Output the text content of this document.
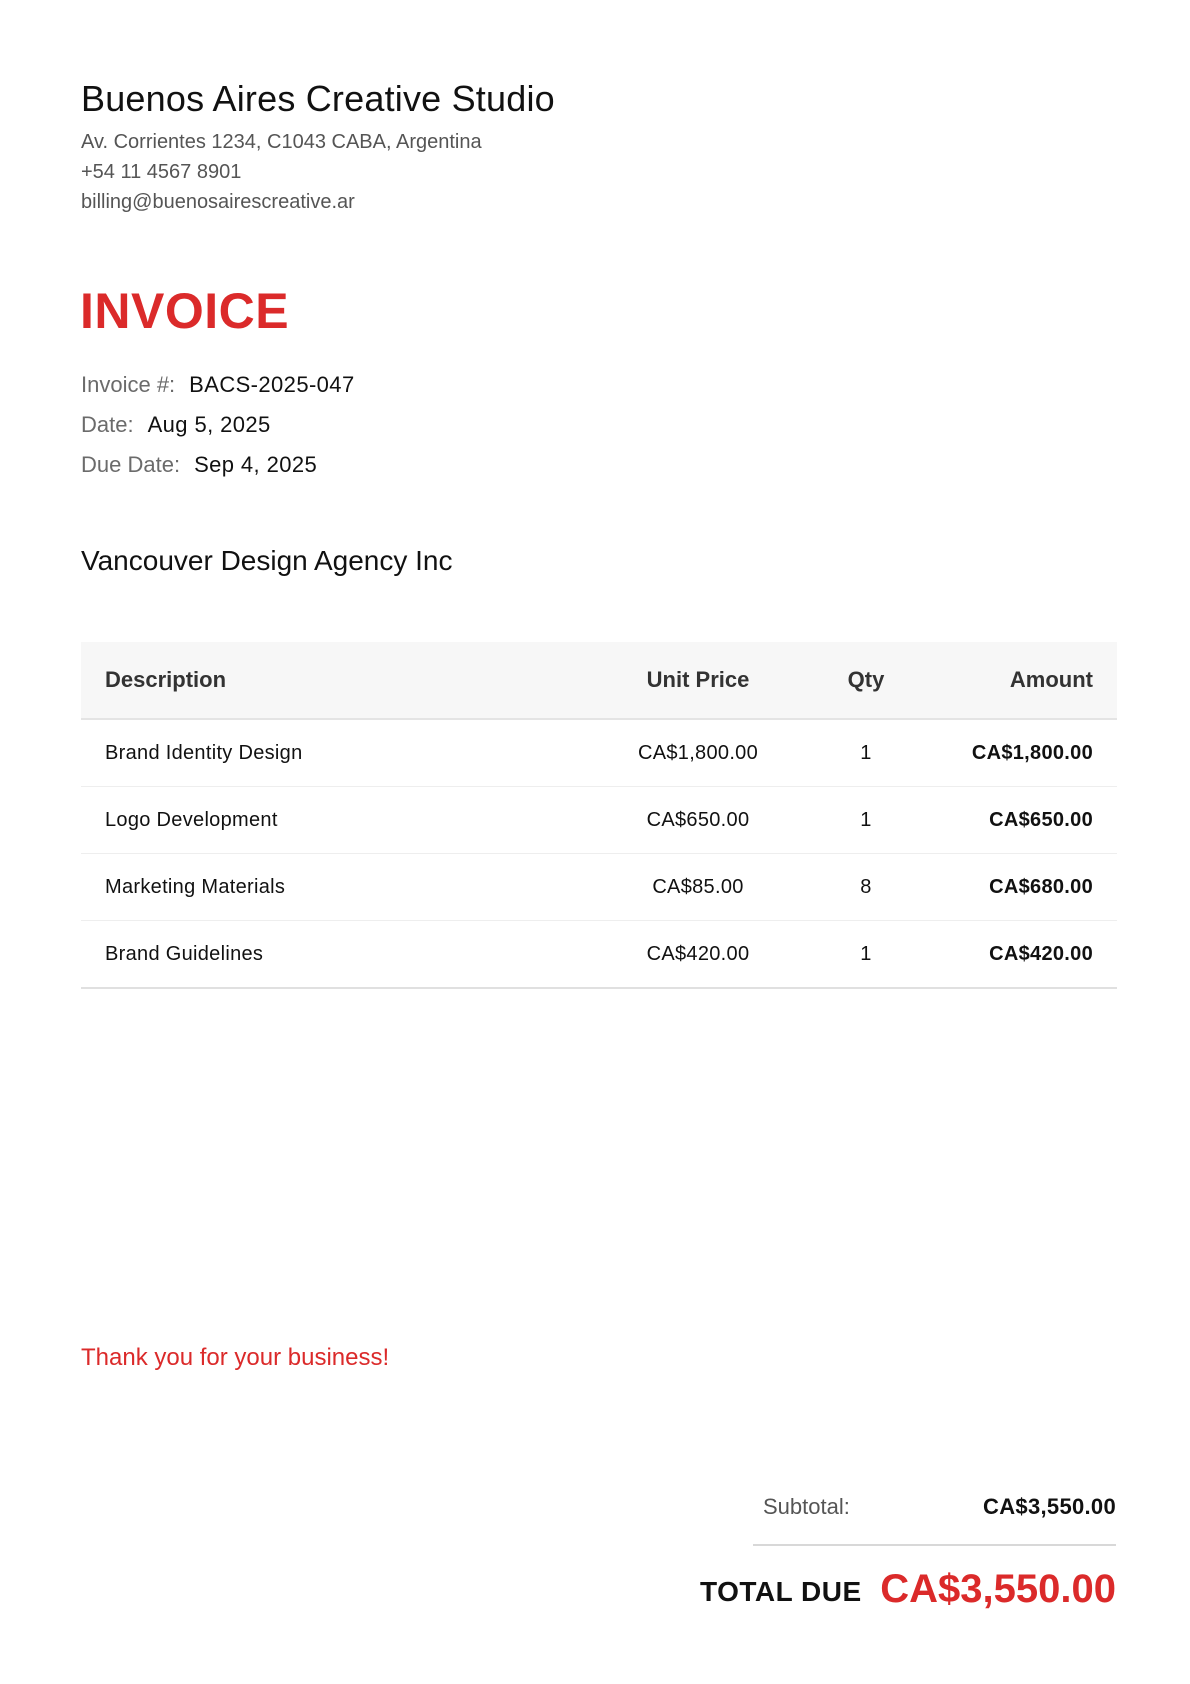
Buenos Aires Creative Studio
Av. Corrientes 1234, C1043 CABA, Argentina
+54 11 4567 8901
billing@buenosairescreative.ar
INVOICE
Invoice #: BACS-2025-047
Date: Aug 5, 2025
Due Date: Sep 4, 2025
Vancouver Design Agency Inc
Description	Unit Price	Qty	Amount
Brand Identity Design	CA$1,800.00	1	CA$1,800.00
Logo Development	CA$650.00	1	CA$650.00
Marketing Materials	CA$85.00	8	CA$680.00
Brand Guidelines	CA$420.00	1	CA$420.00
Thank you for your business!
Subtotal:	CA$3,550.00
TOTAL DUE CA$3,550.00
